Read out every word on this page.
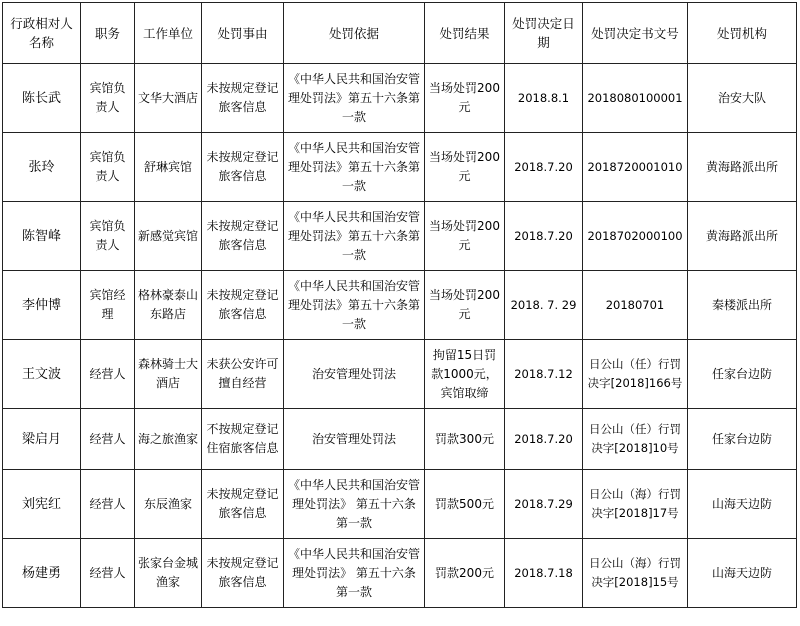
行政相对人名称	职务	工作单位	处罚事由	处罚依据	处罚结果	处罚决定日期	处罚决定书文号	处罚机构
陈长武	宾馆负责人	文华大酒店	未按规定登记旅客信息	《中华人民共和国治安管理处罚法》第五十六条第一款	当场处罚200元	2018.8.1	2018080100001	治安大队
张玲	宾馆负责人	舒琳宾馆	未按规定登记旅客信息	《中华人民共和国治安管理处罚法》第五十六条第一款	当场处罚200元	2018.7.20	2018720001010	黄海路派出所
陈智峰	宾馆负责人	新感觉宾馆	未按规定登记旅客信息	《中华人民共和国治安管理处罚法》第五十六条第一款	当场处罚200元	2018.7.20	2018702000100	黄海路派出所
李仲博	宾馆经理	格林豪泰山东路店	未按规定登记旅客信息	《中华人民共和国治安管理处罚法》第五十六条第一款	当场处罚200元	2018. 7. 29	20180701	秦楼派出所
王文波	经营人	森林骑士大酒店	未获公安许可擅自经营	治安管理处罚法	拘留15日罚款1000元，宾馆取缔	2018.7.12	日公山（任）行罚决字[2018]166号	任家台边防
梁启月	经营人	海之旅渔家	不按规定登记住宿旅客信息	治安管理处罚法	罚款300元	2018.7.20	日公山（任）行罚决字[2018]10号	任家台边防
刘宪红	经营人	东辰渔家	未按规定登记旅客信息	《中华人民共和国治安管理处罚法》 第五十六条第一款	罚款500元	2018.7.29	日公山（海）行罚决字[2018]17号	山海天边防
杨建勇	经营人	张家台金城渔家	未按规定登记旅客信息	《中华人民共和国治安管理处罚法》 第五十六条第一款	罚款200元	2018.7.18	日公山（海）行罚决字[2018]15号	山海天边防
